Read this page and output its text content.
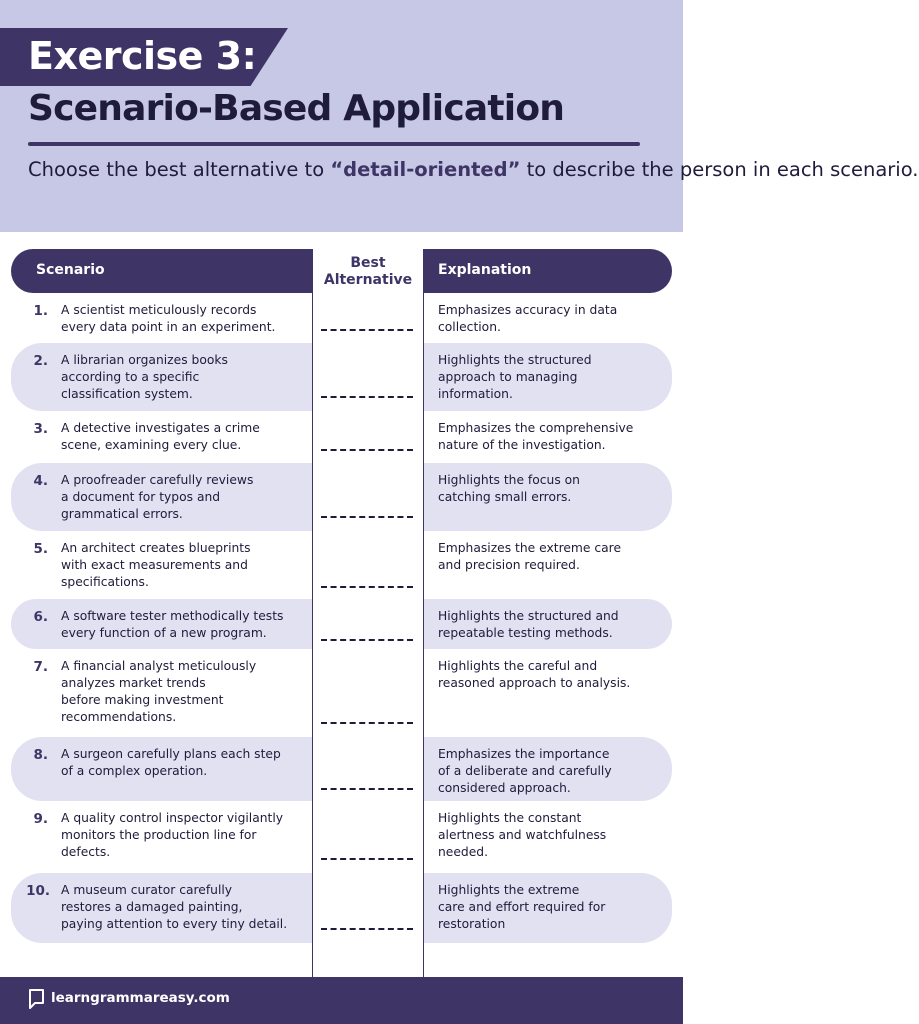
Exercise 3:
Scenario-Based Application
Choose the best alternative to “detail-oriented” to describe the person in each scenario.
Scenario	Best
Alternative
Explanation
1. A scientist meticulously records
every data point in an experiment.
Emphasizes accuracy in data
collection.
2. A librarian organizes books
according to a specific
classification system.
Highlights the structured
approach to managing
information.
3. A detective investigates a crime
scene, examining every clue.
Emphasizes the comprehensive
nature of the investigation.
4. A proofreader carefully reviews
a document for typos and
grammatical errors.
Highlights the focus on
catching small errors.
5. An architect creates blueprints
with exact measurements and
specifications.
Emphasizes the extreme care
and precision required.
6. A software tester methodically tests
every function of a new program.
Highlights the structured and
repeatable testing methods.
7. A financial analyst meticulously
analyzes market trends
before making investment
recommendations.
Highlights the careful and
reasoned approach to analysis.
8. A surgeon carefully plans each step
of a complex operation.
Emphasizes the importance
of a deliberate and carefully
considered approach.
9. A quality control inspector vigilantly
monitors the production line for
defects.
Highlights the constant
alertness and watchfulness
needed.
10. A museum curator carefully
restores a damaged painting,
paying attention to every tiny detail.
Highlights the extreme
care and effort required for
restoration
learngrammareasy.com
